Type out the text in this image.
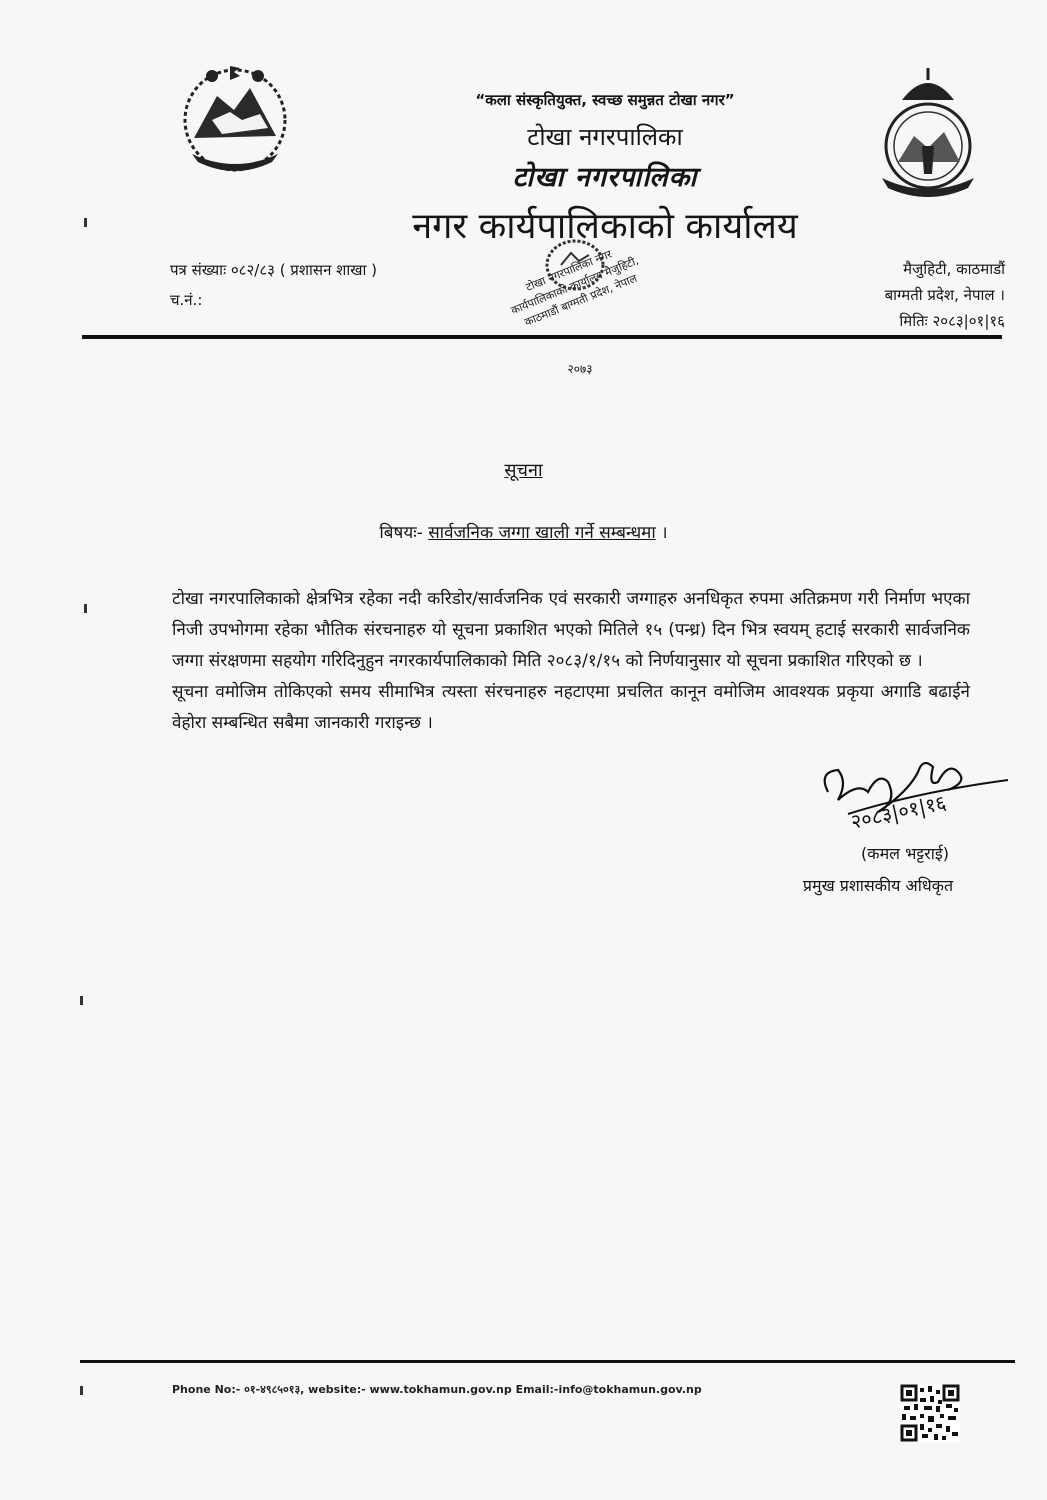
“कला संस्कृतियुक्त, स्वच्छ समुन्नत टोखा नगर”
टोखा नगरपालिका
टोखा नगरपालिका
नगर कार्यपालिकाको कार्यालय
पत्र संख्याः ०८२/८३ ( प्रशासन शाखा )
च.नं.:
मैजुहिटी, काठमाडौं
बाग्मती प्रदेश, नेपाल ।
मितिः २०८३|०१|१६
टोखा नगरपालिका नगर कार्यपालिकाको कार्यालय मैजुहिटी, काठमाडौं बाग्मती प्रदेश, नेपाल
२०७३
सूचना
बिषयः- सार्वजनिक जग्गा खाली गर्ने सम्बन्धमा ।

टोखा नगरपालिकाको क्षेत्रभित्र रहेका नदी करिडोर/सार्वजनिक एवं सरकारी जग्गाहरु अनधिकृत रुपमा अतिक्रमण गरी निर्माण भएका निजी उपभोगमा रहेका भौतिक संरचनाहरु यो सूचना प्रकाशित भएको मितिले १५ (पन्ध्र) दिन भित्र स्वयम् हटाई सरकारी सार्वजनिक जग्गा संरक्षणमा सहयोग गरिदिनुहुन नगरकार्यपालिकाको मिति २०८३/१/१५ को निर्णयानुसार यो सूचना प्रकाशित गरिएको छ ।

सूचना वमोजिम तोकिएको समय सीमाभित्र त्यस्ता संरचनाहरु नहटाएमा प्रचलित कानून वमोजिम आवश्यक प्रकृया अगाडि बढाईने वेहोरा सम्बन्धित सबैमा जानकारी गराइन्छ ।

२०८३|०१|१६
(कमल भट्टराई)
प्रमुख प्रशासकीय अधिकृत
Phone No:- ०१-४९८५०१३, website:- www.tokhamun.gov.np Email:-info@tokhamun.gov.np
